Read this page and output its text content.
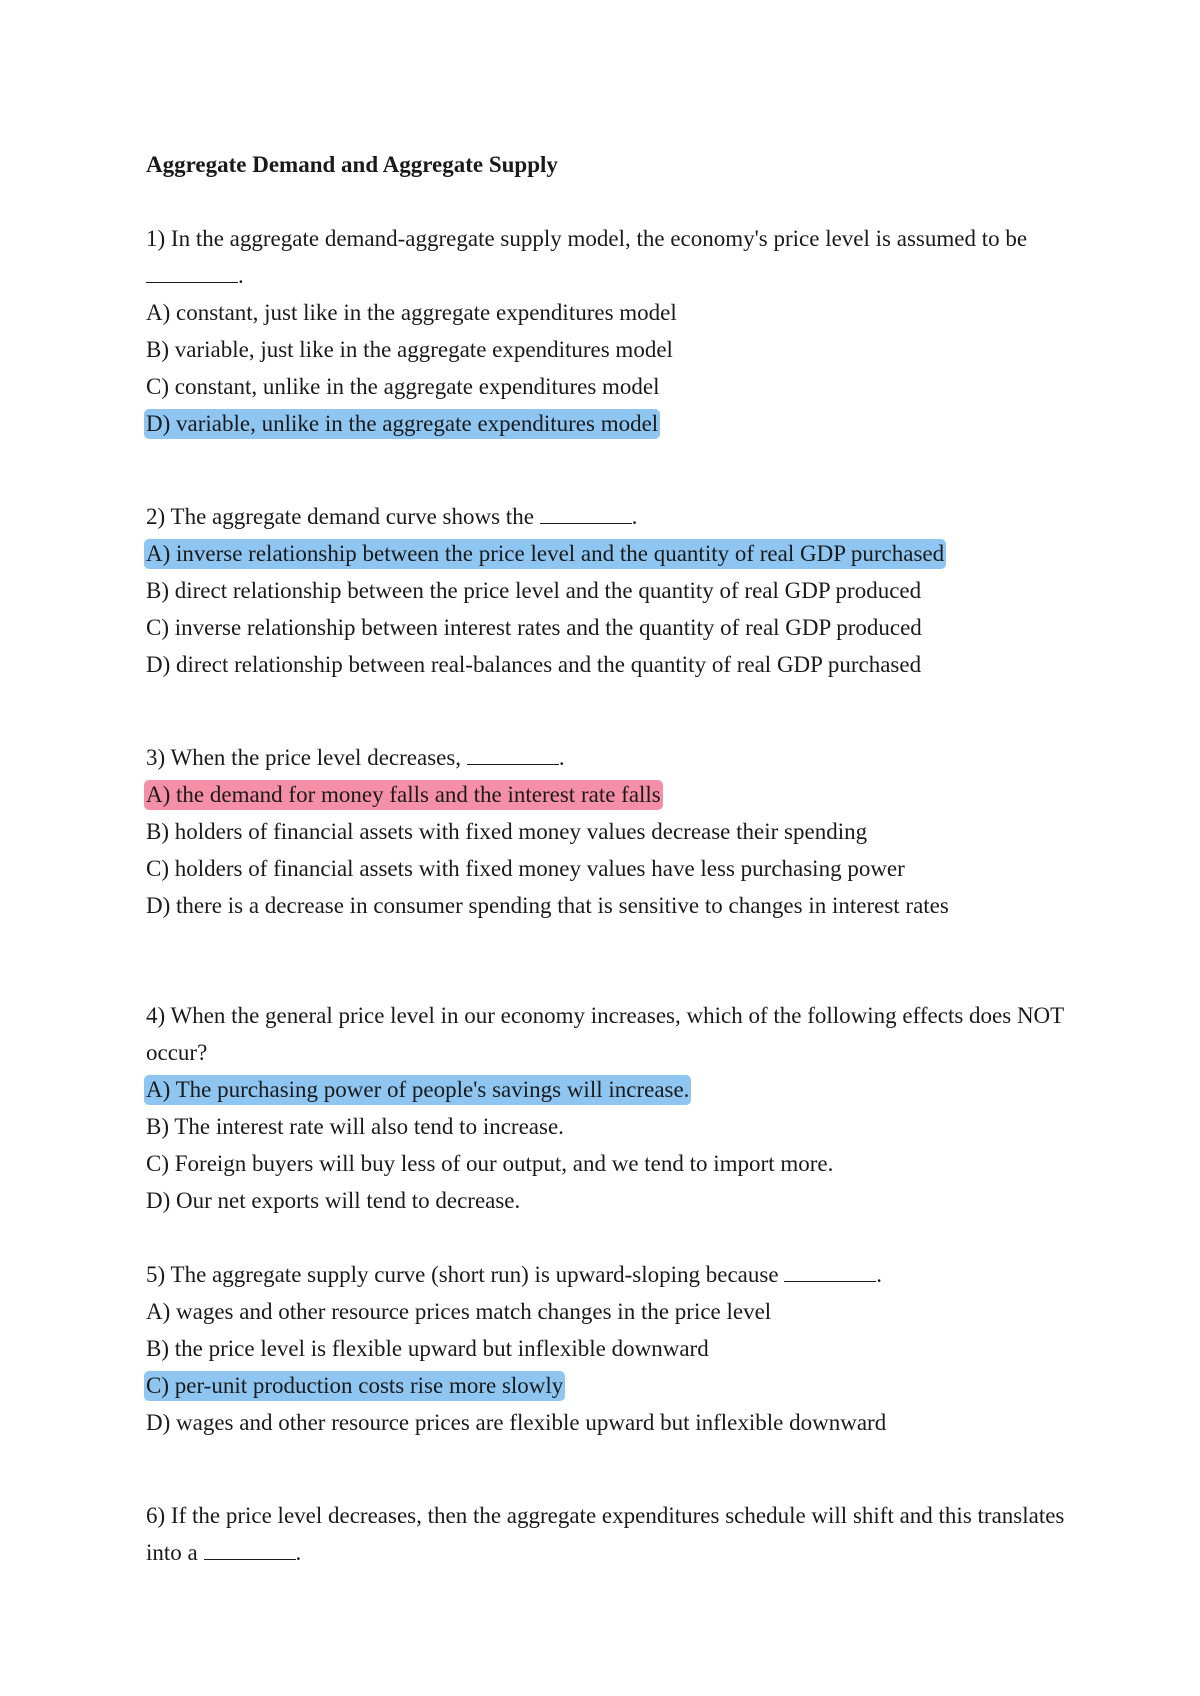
Aggregate Demand and Aggregate Supply
1) In the aggregate demand-aggregate supply model, the economy's price level is assumed to be .
A) constant, just like in the aggregate expenditures model
B) variable, just like in the aggregate expenditures model
C) constant, unlike in the aggregate expenditures model
D) variable, unlike in the aggregate expenditures model
2) The aggregate demand curve shows the	.
A) inverse relationship between the price level and the quantity of real GDP purchased
B) direct relationship between the price level and the quantity of real GDP produced
C) inverse relationship between interest rates and the quantity of real GDP produced
D) direct relationship between real-balances and the quantity of real GDP purchased
3) When the price level decreases,	.
A) the demand for money falls and the interest rate falls
B) holders of financial assets with fixed money values decrease their spending
C) holders of financial assets with fixed money values have less purchasing power
D) there is a decrease in consumer spending that is sensitive to changes in interest rates
4) When the general price level in our economy increases, which of the following effects does NOT occur?
A) The purchasing power of people's savings will increase.
B) The interest rate will also tend to increase.
C) Foreign buyers will buy less of our output, and we tend to import more.
D) Our net exports will tend to decrease.
5) The aggregate supply curve (short run) is upward-sloping because	.
A) wages and other resource prices match changes in the price level
B) the price level is flexible upward but inflexible downward
C) per-unit production costs rise more slowly
D) wages and other resource prices are flexible upward but inflexible downward
6) If the price level decreases, then the aggregate expenditures schedule will shift and this translates into a	.
